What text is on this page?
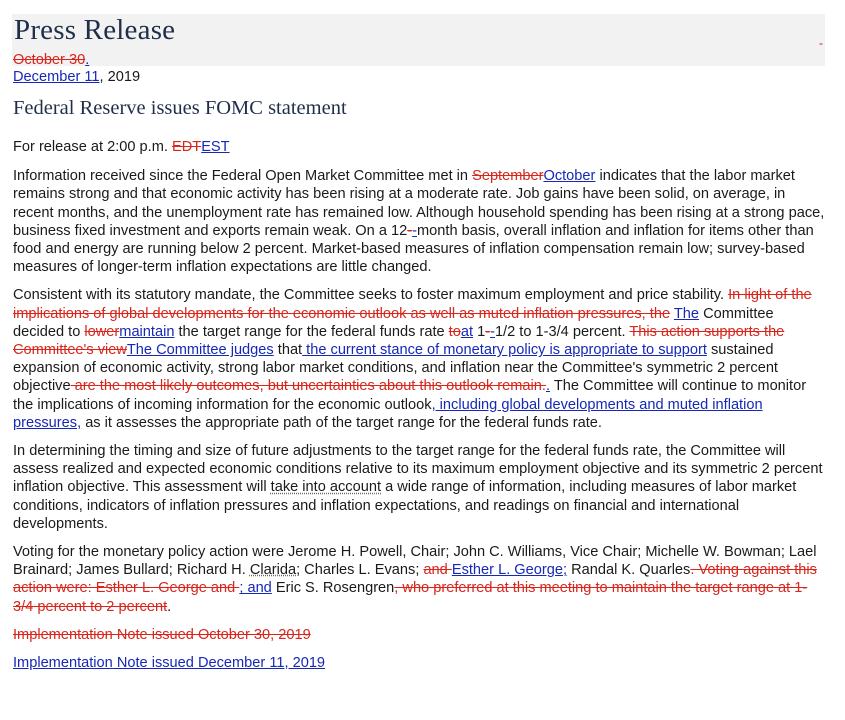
Press Release	-
October 30.
December 11, 2019
Federal Reserve issues FOMC statement

For release at 2:00 p.m. EDTEST

Information received since the Federal Open Market Committee met in SeptemberOctober indicates that the labor market remains strong and that economic activity has been rising at a moderate rate. Job gains have been solid, on average, in recent months, and the unemployment rate has remained low. Although household spending has been rising at a strong pace, business fixed investment and exports remain weak. On a 12--month basis, overall inflation and inflation for items other than food and energy are running below 2 percent. Market-based measures of inflation compensation remain low; survey-based measures of longer-term inflation expectations are little changed.

Consistent with its statutory mandate, the Committee seeks to foster maximum employment and price stability. In light of the implications of global developments for the economic outlook as well as muted inflation pressures, the The Committee decided to lowermaintain the target range for the federal funds rate toat 1--1/2 to 1-3/4 percent. This action supports the Committee's viewThe Committee judges that the current stance of monetary policy is appropriate to support sustained expansion of economic activity, strong labor market conditions, and inflation near the Committee's symmetric 2 percent objective are the most likely outcomes, but uncertainties about this outlook remain.. The Committee will continue to monitor the implications of incoming information for the economic outlook, including global developments and muted inflation pressures, as it assesses the appropriate path of the target range for the federal funds rate.

In determining the timing and size of future adjustments to the target range for the federal funds rate, the Committee will assess realized and expected economic conditions relative to its maximum employment objective and its symmetric 2 percent inflation objective. This assessment will take into account a wide range of information, including measures of labor market conditions, indicators of inflation pressures and inflation expectations, and readings on financial and international developments.

Voting for the monetary policy action were Jerome H. Powell, Chair; John C. Williams, Vice Chair; Michelle W. Bowman; Lael Brainard; James Bullard; Richard H. Clarida; Charles L. Evans; and Esther L. George; Randal K. Quarles. Voting against this action were: Esther L. George and ; and Eric S. Rosengren, who preferred at this meeting to maintain the target range at 1-3/4 percent to 2 percent.

Implementation Note issued October 30, 2019

Implementation Note issued December 11, 2019
